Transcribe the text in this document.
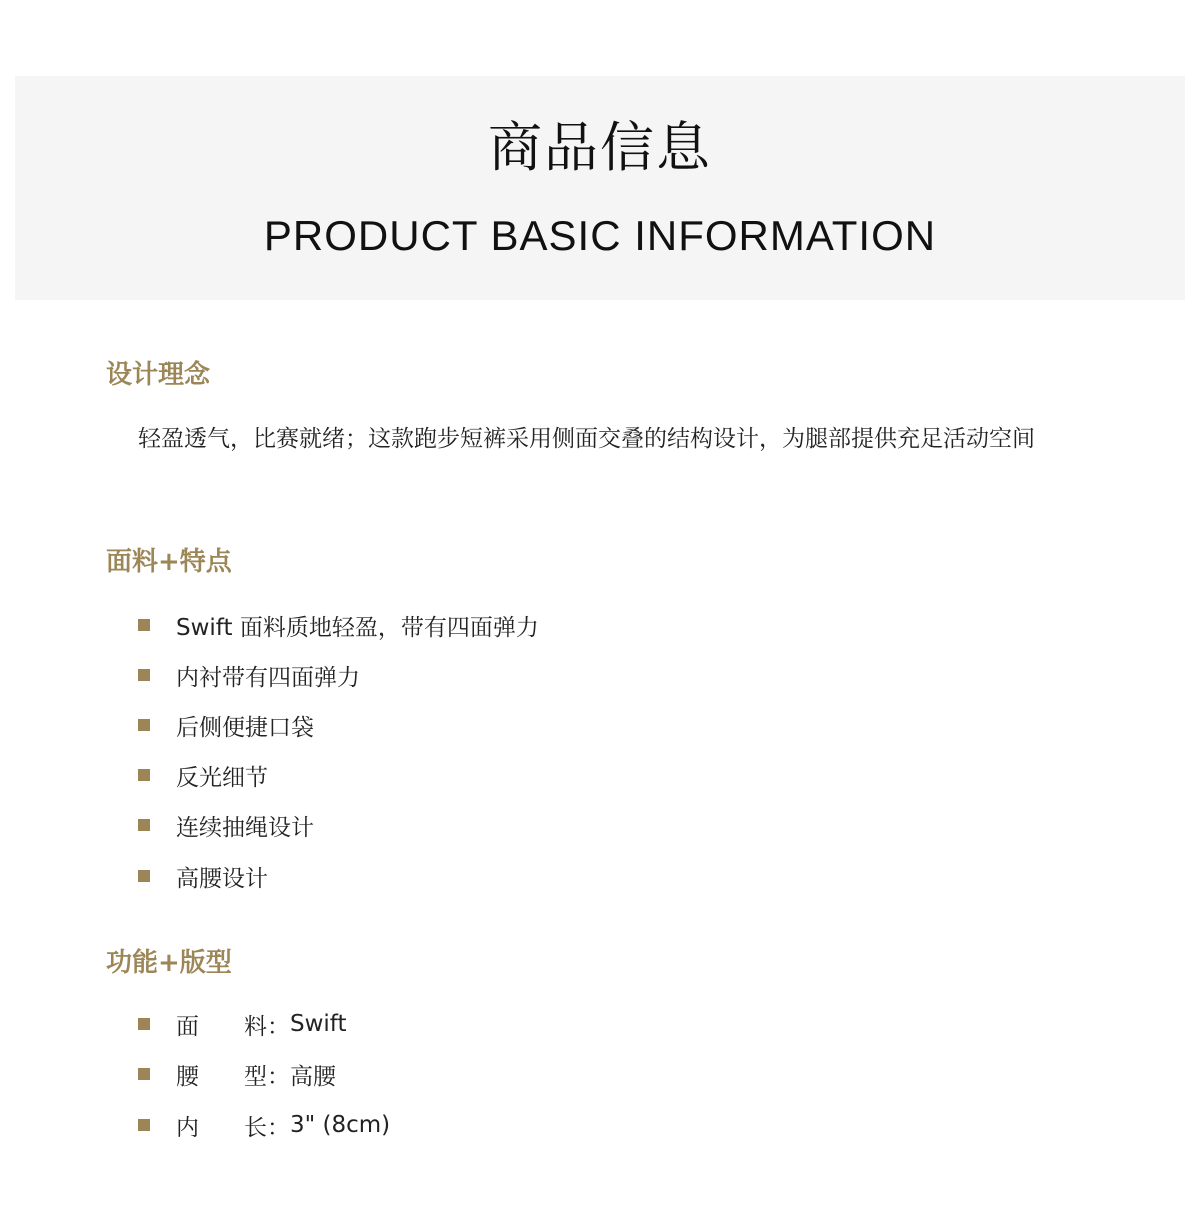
商品信息
PRODUCT BASIC INFORMATION
设计理念
轻盈透气，比赛就绪；这款跑步短裤采用侧面交叠的结构设计，为腿部提供充足活动空间
面料+特点
Swift 面料质地轻盈，带有四面弹力
内衬带有四面弹力
后侧便捷口袋
反光细节
连续抽绳设计
高腰设计
功能+版型
面	料： Swift
腰	型： 高腰
内	长： 3" (8cm)
